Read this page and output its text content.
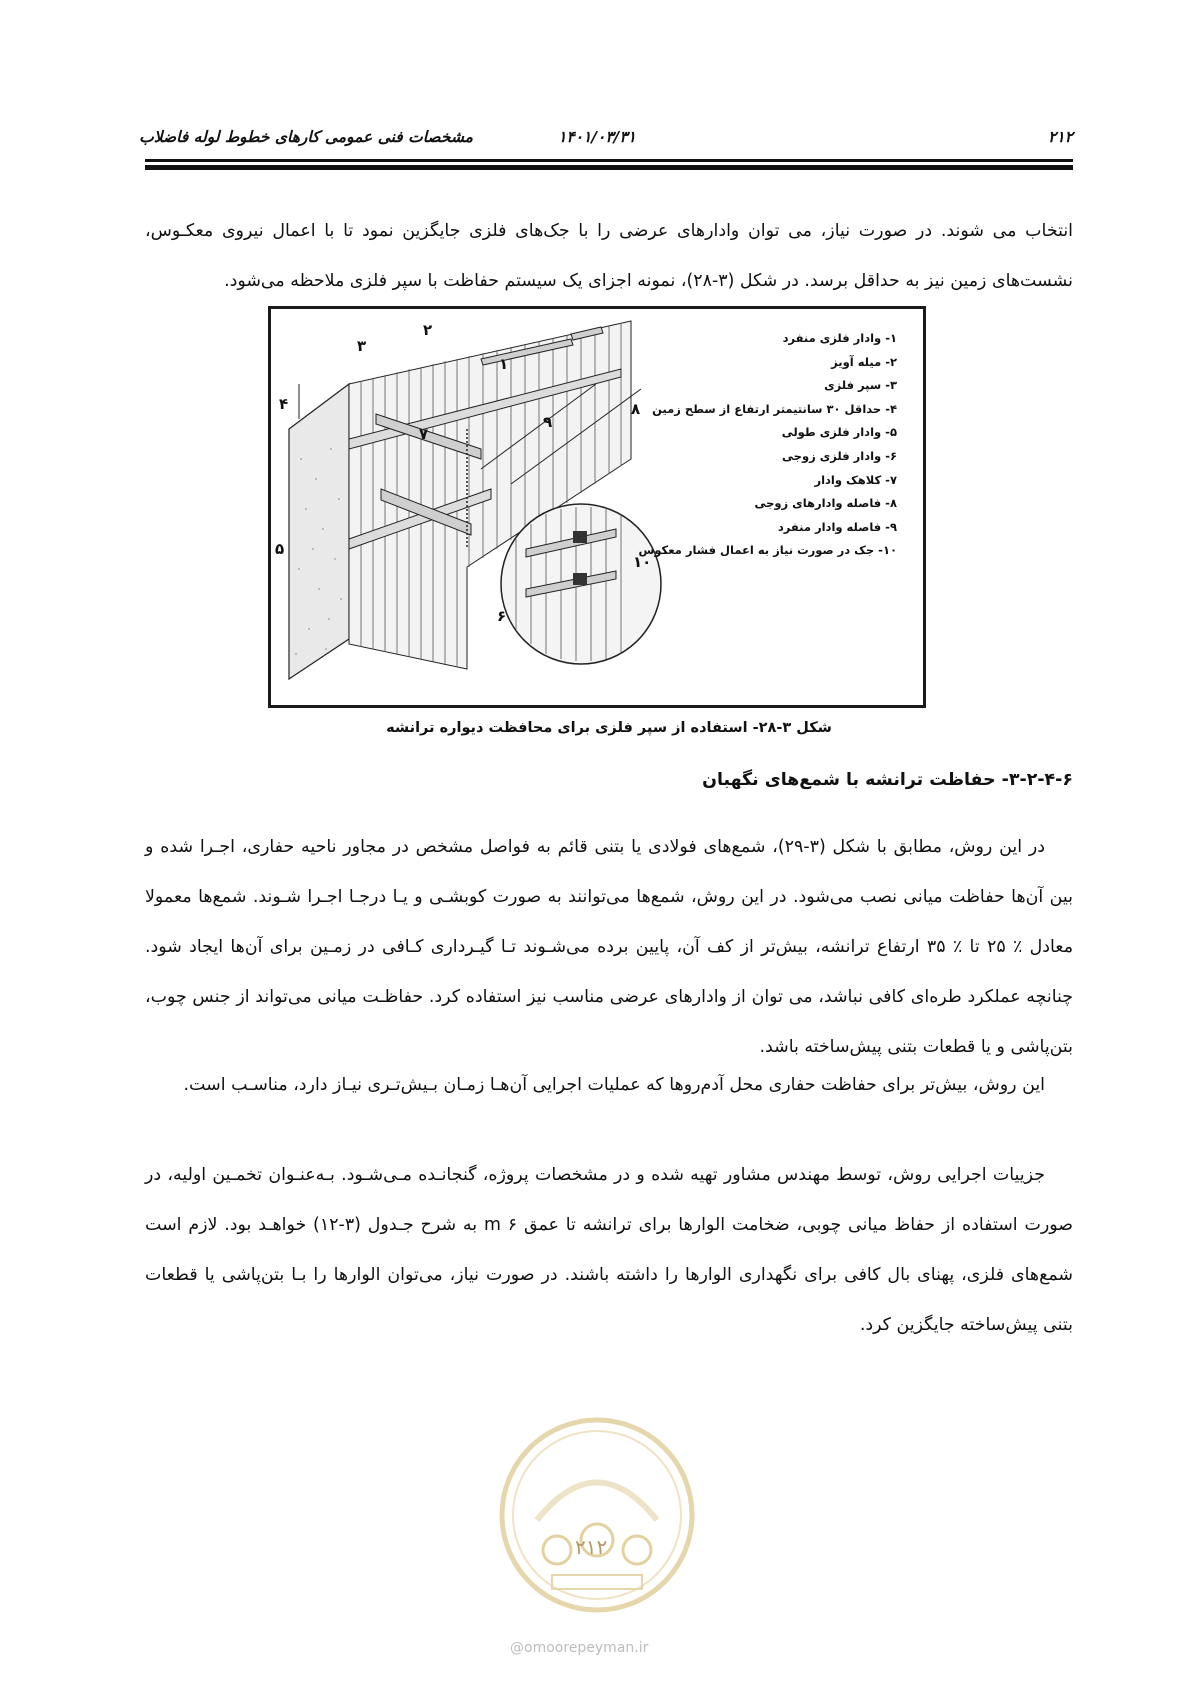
۲۱۲
مشخصات فنی عمومی کارهای خطوط لوله فاضلاب	۱۴۰۱/۰۳/۳۱

انتخاب می شوند. در صورت نیاز، می توان وادارهای عرضی را با جک‌های فلزی جایگزین نمود تا با اعمال نیروی معکـوس، نشست‌های زمین نیز به حداقل برسد. در شکل (۳-۲۸)، نمونه اجزای یک سیستم حفاظت با سپر فلزی ملاحظه می‌شود.

۱
۲
۳
۴
۵
۶
۷
۸
۹
۱۰
۱- وادار فلزی منفرد
۲- میله آویز
۳- سپر فلزی
۴- حداقل ۳۰ سانتیمتر ارتفاع از سطح زمین
۵- وادار فلزی طولی
۶- وادار فلزی زوجی
۷- کلاهک وادار
۸- فاصله وادارهای زوجی
۹- فاصله وادار منفرد
۱۰- جک در صورت نیاز به اعمال فشار معکوس
شکل ۳-۲۸- استفاده از سپر فلزی برای محافظت دیواره ترانشه
۳-۲-۴-۶- حفاظت ترانشه با شمع‌های نگهبان

در این روش، مطابق با شکل (۳-۲۹)، شمع‌های فولادی یا بتنی قائم به فواصل مشخص در مجاور ناحیه حفاری، اجـرا شده و بین آن‌ها حفاظت میانی نصب می‌شود. در این روش، شمع‌ها می‌توانند به صورت کوبشـی و یـا درجـا اجـرا شـوند. شمع‌ها معمولا معادل ٪ ۲۵ تا ٪ ۳۵ ارتفاع ترانشه، بیش‌تر از کف آن، پایین برده می‌شـوند تـا گیـرداری کـافی در زمـین برای آن‌ها ایجاد شود. چنانچه عملکرد طره‌ای کافی نباشد، می توان از وادارهای عرضی مناسب نیز استفاده کرد. حفاظـت میانی می‌تواند از جنس چوب، بتن‌پاشی و یا قطعات بتنی پیش‌ساخته باشد.

این روش، بیش‌تر برای حفاظت حفاری محل آدم‌روها که عملیات اجرایی آن‌هـا زمـان بـیش‌تـری نیـاز دارد، مناسـب است.

جزییات اجرایی روش، توسط مهندس مشاور تهیه شده و در مشخصات پروژه، گنجانـده مـی‌شـود. بـه‌عنـوان تخمـین اولیه، در صورت استفاده از حفاظ میانی چوبی، ضخامت الوارها برای ترانشه تا عمق ۶ m به شرح جـدول (۳-۱۲) خواهـد بود. لازم است شمع‌های فلزی، پهنای بال کافی برای نگهداری الوارها را داشته باشند. در صورت نیاز، می‌توان الوارها را بـا بتن‌پاشی یا قطعات بتنی پیش‌ساخته جایگزین کرد.

۲۱۲
@omoorepeyman.ir
